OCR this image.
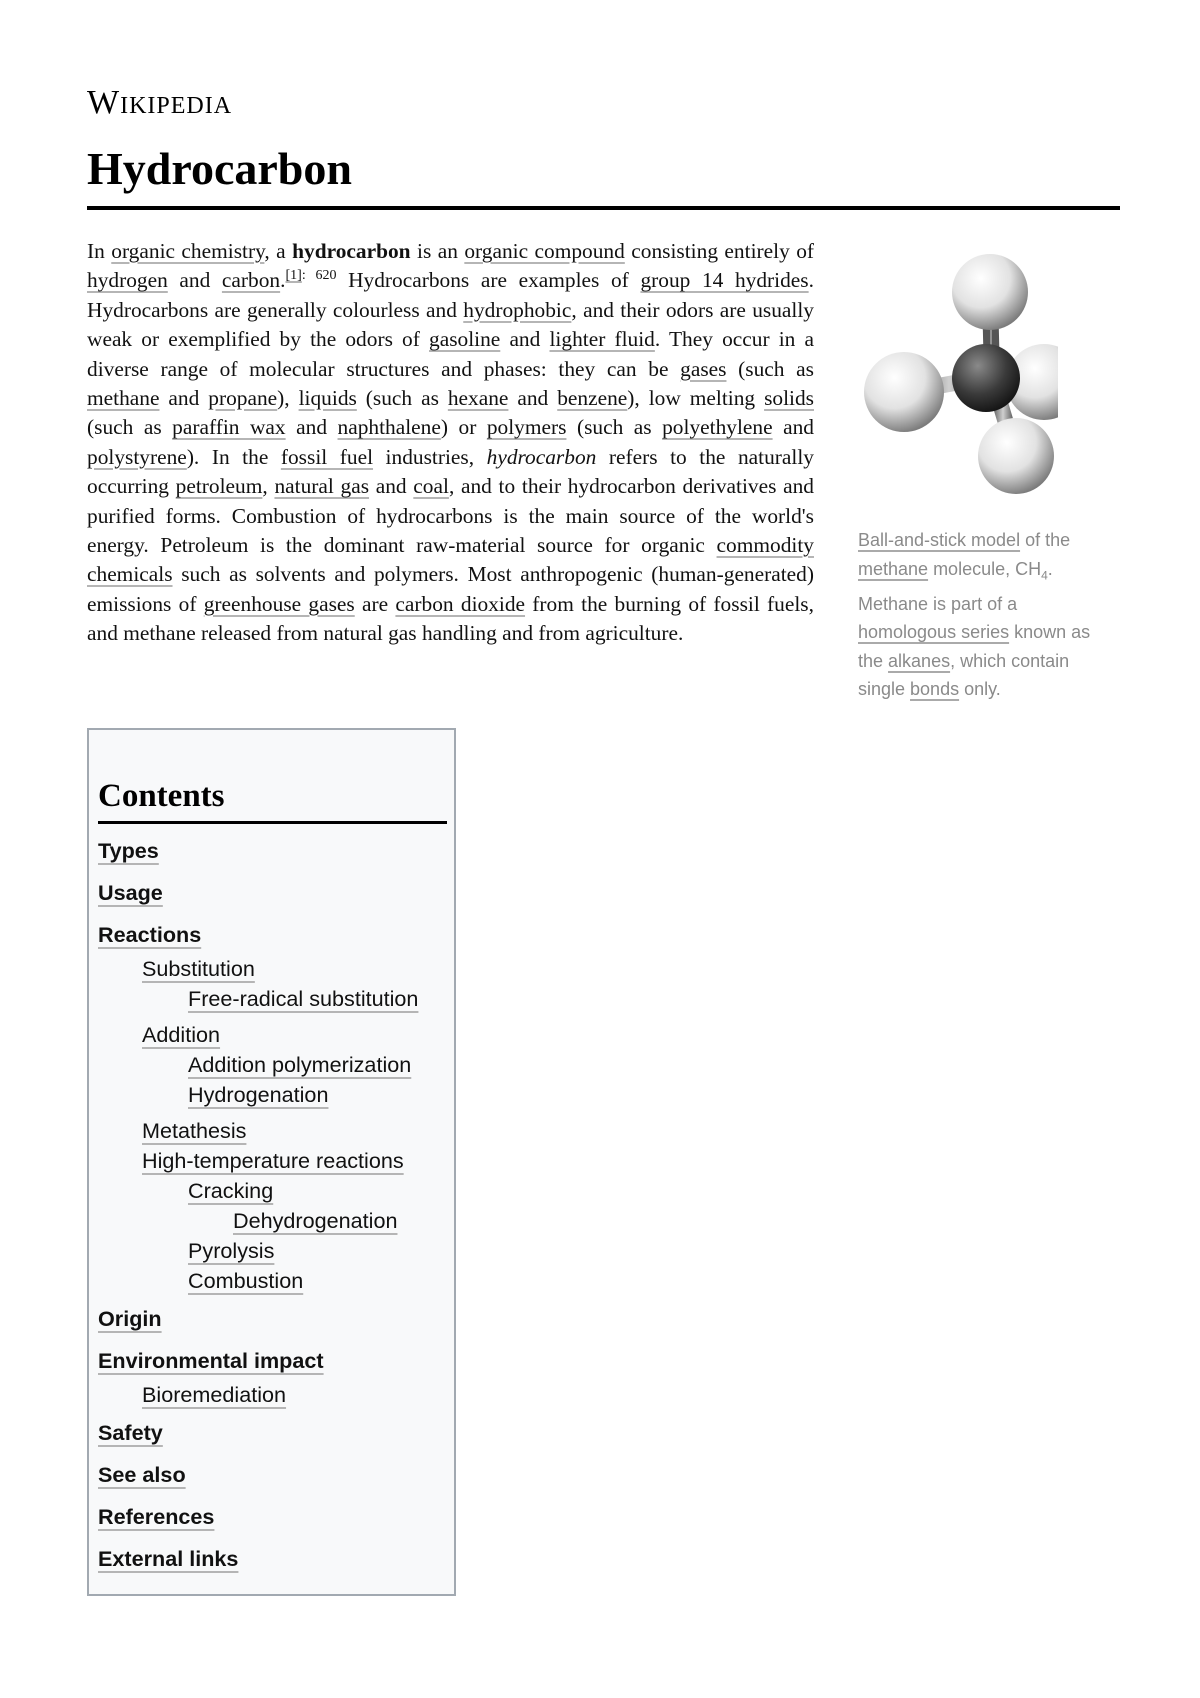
Wikipedia
Hydrocarbon

In organic chemistry, a hydrocarbon is an organic compound consisting entirely of hydrogen and carbon.$^{[1]: 620}$ Hydrocarbons are examples of group 14 hydrides. Hydrocarbons are generally colourless and hydrophobic, and their odors are usually weak or exemplified by the odors of gasoline and lighter fluid. They occur in a diverse range of molecular structures and phases: they can be gases (such as methane and propane), liquids (such as hexane and benzene), low melting solids (such as paraffin wax and naphthalene) or polymers (such as polyethylene and polystyrene). In the fossil fuel industries, hydrocarbon refers to the naturally occurring petroleum, natural gas and coal, and to their hydrocarbon derivatives and purified forms. Combustion of hydrocarbons is the main source of the world's energy. Petroleum is the dominant raw-material source for organic commodity chemicals such as solvents and polymers. Most anthropogenic (human-generated) emissions of greenhouse gases are carbon dioxide from the burning of fossil fuels, and methane released from natural gas handling and from agriculture.

Ball-and-stick model of the methane molecule, $CH_4$. Methane is part of a homologous series known as the alkanes, which contain single bonds only.
Contents
Types
Usage
Reactions
Substitution
Free-radical substitution
Addition
Addition polymerization
Hydrogenation
Metathesis
High-temperature reactions
Cracking
Dehydrogenation
Pyrolysis
Combustion
Origin
Environmental impact
Bioremediation
Safety
See also
References
External links
